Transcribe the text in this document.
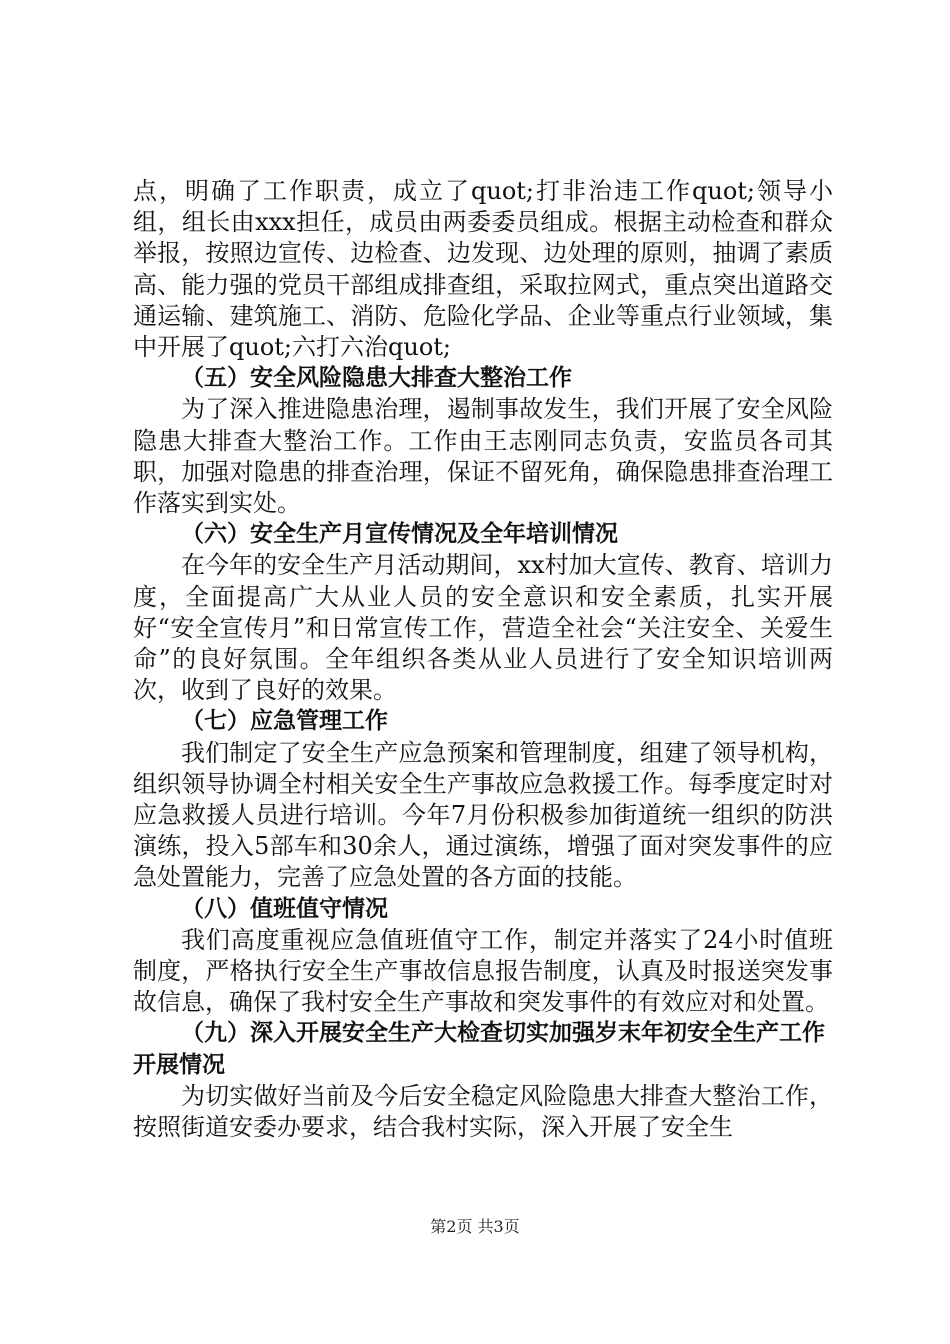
点，明确了工作职责，成立了quot;打非治违工作quot;领导小组，组长由xxx担任，成员由两委委员组成。根据主动检查和群众举报，按照边宣传、边检查、边发现、边处理的原则，抽调了素质高、能力强的党员干部组成排查组，采取拉网式，重点突出道路交通运输、建筑施工、消防、危险化学品、企业等重点行业领域，集中开展了quot;六打六治quot;

（五）安全风险隐患大排查大整治工作

为了深入推进隐患治理，遏制事故发生，我们开展了安全风险隐患大排查大整治工作。工作由王志刚同志负责，安监员各司其职，加强对隐患的排查治理，保证不留死角，确保隐患排查治理工作落实到实处。

（六）安全生产月宣传情况及全年培训情况

在今年的安全生产月活动期间，xx村加大宣传、教育、培训力度，全面提高广大从业人员的安全意识和安全素质，扎实开展好“安全宣传月”和日常宣传工作，营造全社会“关注安全、关爱生命”的良好氛围。全年组织各类从业人员进行了安全知识培训两次，收到了良好的效果。

（七）应急管理工作

我们制定了安全生产应急预案和管理制度，组建了领导机构，组织领导协调全村相关安全生产事故应急救援工作。每季度定时对应急救援人员进行培训。今年7月份积极参加街道统一组织的防洪演练，投入5部车和30余人，通过演练，增强了面对突发事件的应急处置能力，完善了应急处置的各方面的技能。

（八）值班值守情况

我们高度重视应急值班值守工作，制定并落实了24小时值班制度，严格执行安全生产事故信息报告制度，认真及时报送突发事故信息，确保了我村安全生产事故和突发事件的有效应对和处置。

（九）深入开展安全生产大检查切实加强岁末年初安全生产工作开展情况

为切实做好当前及今后安全稳定风险隐患大排查大整治工作，按照街道安委办要求，结合我村实际，深入开展了安全生

第2页 共3页
